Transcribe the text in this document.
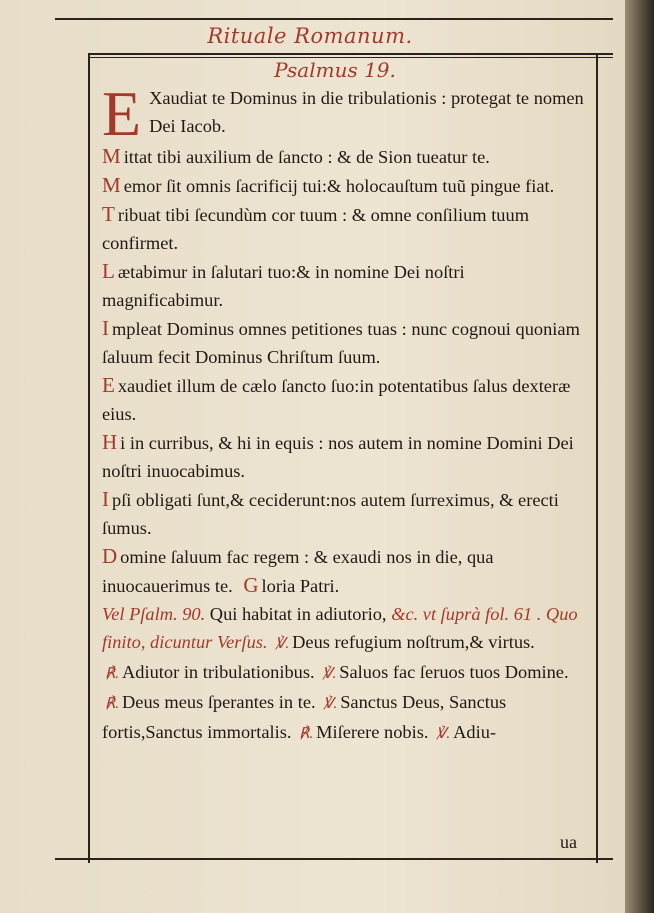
Rituale Romanum.
Psalmus 19.

E Xaudiat te Dominus in die tribulationis : protegat te nomen Dei Iacob.

M ittat tibi auxilium de ſancto : & de Sion tueatur te.

M emor ſit omnis ſacrificij tui:& holocauſtum tuũ pingue fiat.

T ribuat tibi ſecundùm cor tuum : & omne conſilium tuum confirmet.

L ætabimur in ſalutari tuo:& in nomine Dei noſtri magnificabimur.

I mpleat Dominus omnes petitiones tuas : nunc cognoui quoniam ſaluum fecit Dominus Chriſtum ſuum.

E xaudiet illum de cælo ſancto ſuo:in potentatibus ſalus dexteræ eius.

H i in curribus, & hi in equis : nos autem in nomine Domini Dei noſtri inuocabimus.

I pſi obligati ſunt,& ceciderunt:nos autem ſurreximus, & erecti ſumus.

D omine ſaluum fac regem : & exaudi nos in die, qua inuocauerimus te. G loria Patri.

Vel Pſalm. 90. Qui habitat in adiutorio, &c. vt ſuprà fol. 61 . Quo finito, dicuntur Verſus. ℣. Deus refugium noſtrum,& virtus. ℟. Adiutor in tribulationibus. ℣. Saluos fac ſeruos tuos Domine. ℟. Deus meus ſperantes in te. ℣. Sanctus Deus, Sanctus fortis,Sanctus immortalis. ℟. Miſerere nobis. ℣. Adiu-

ua
